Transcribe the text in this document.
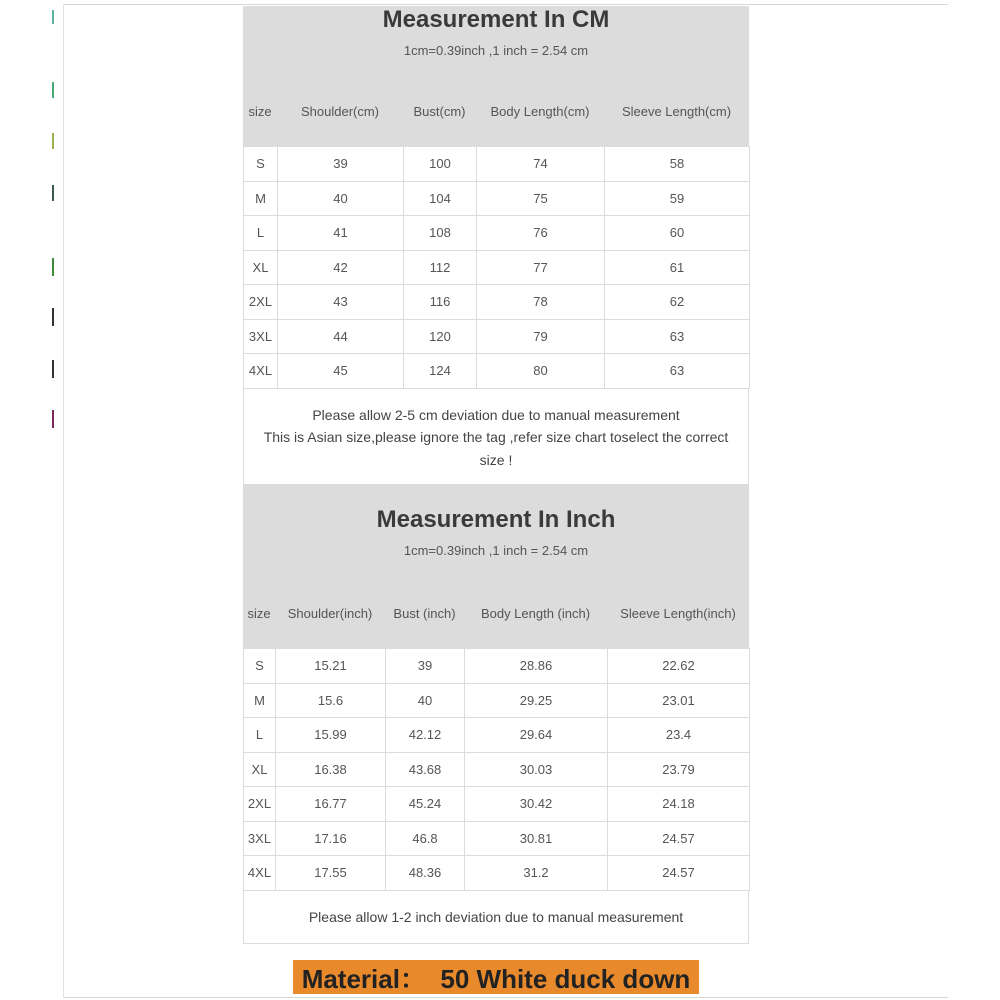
Measurement In CM
1cm=0.39inch ,1 inch = 2.54 cm
size	Shoulder(cm)	Bust(cm)	Body Length(cm)	Sleeve Length(cm)
S	39	100	74	58
M	40	104	75	59
L	41	108	76	60
XL	42	112	77	61
2XL	43	116	78	62
3XL	44	120	79	63
4XL	45	124	80	63
Please allow 2-5 cm deviation due to manual measurement
This is Asian size,please ignore the tag ,refer size chart toselect the correct
size !
Measurement In Inch
1cm=0.39inch ,1 inch = 2.54 cm
size	Shoulder(inch)	Bust (inch)	Body Length (inch)	Sleeve Length(inch)
S	15.21	39	28.86	22.62
M	15.6	40	29.25	23.01
L	15.99	42.12	29.64	23.4
XL	16.38	43.68	30.03	23.79
2XL	16.77	45.24	30.42	24.18
3XL	17.16	46.8	30.81	24.57
4XL	17.55	48.36	31.2	24.57
Please allow 1-2 inch deviation due to manual measurement
Material：  50 White duck down
